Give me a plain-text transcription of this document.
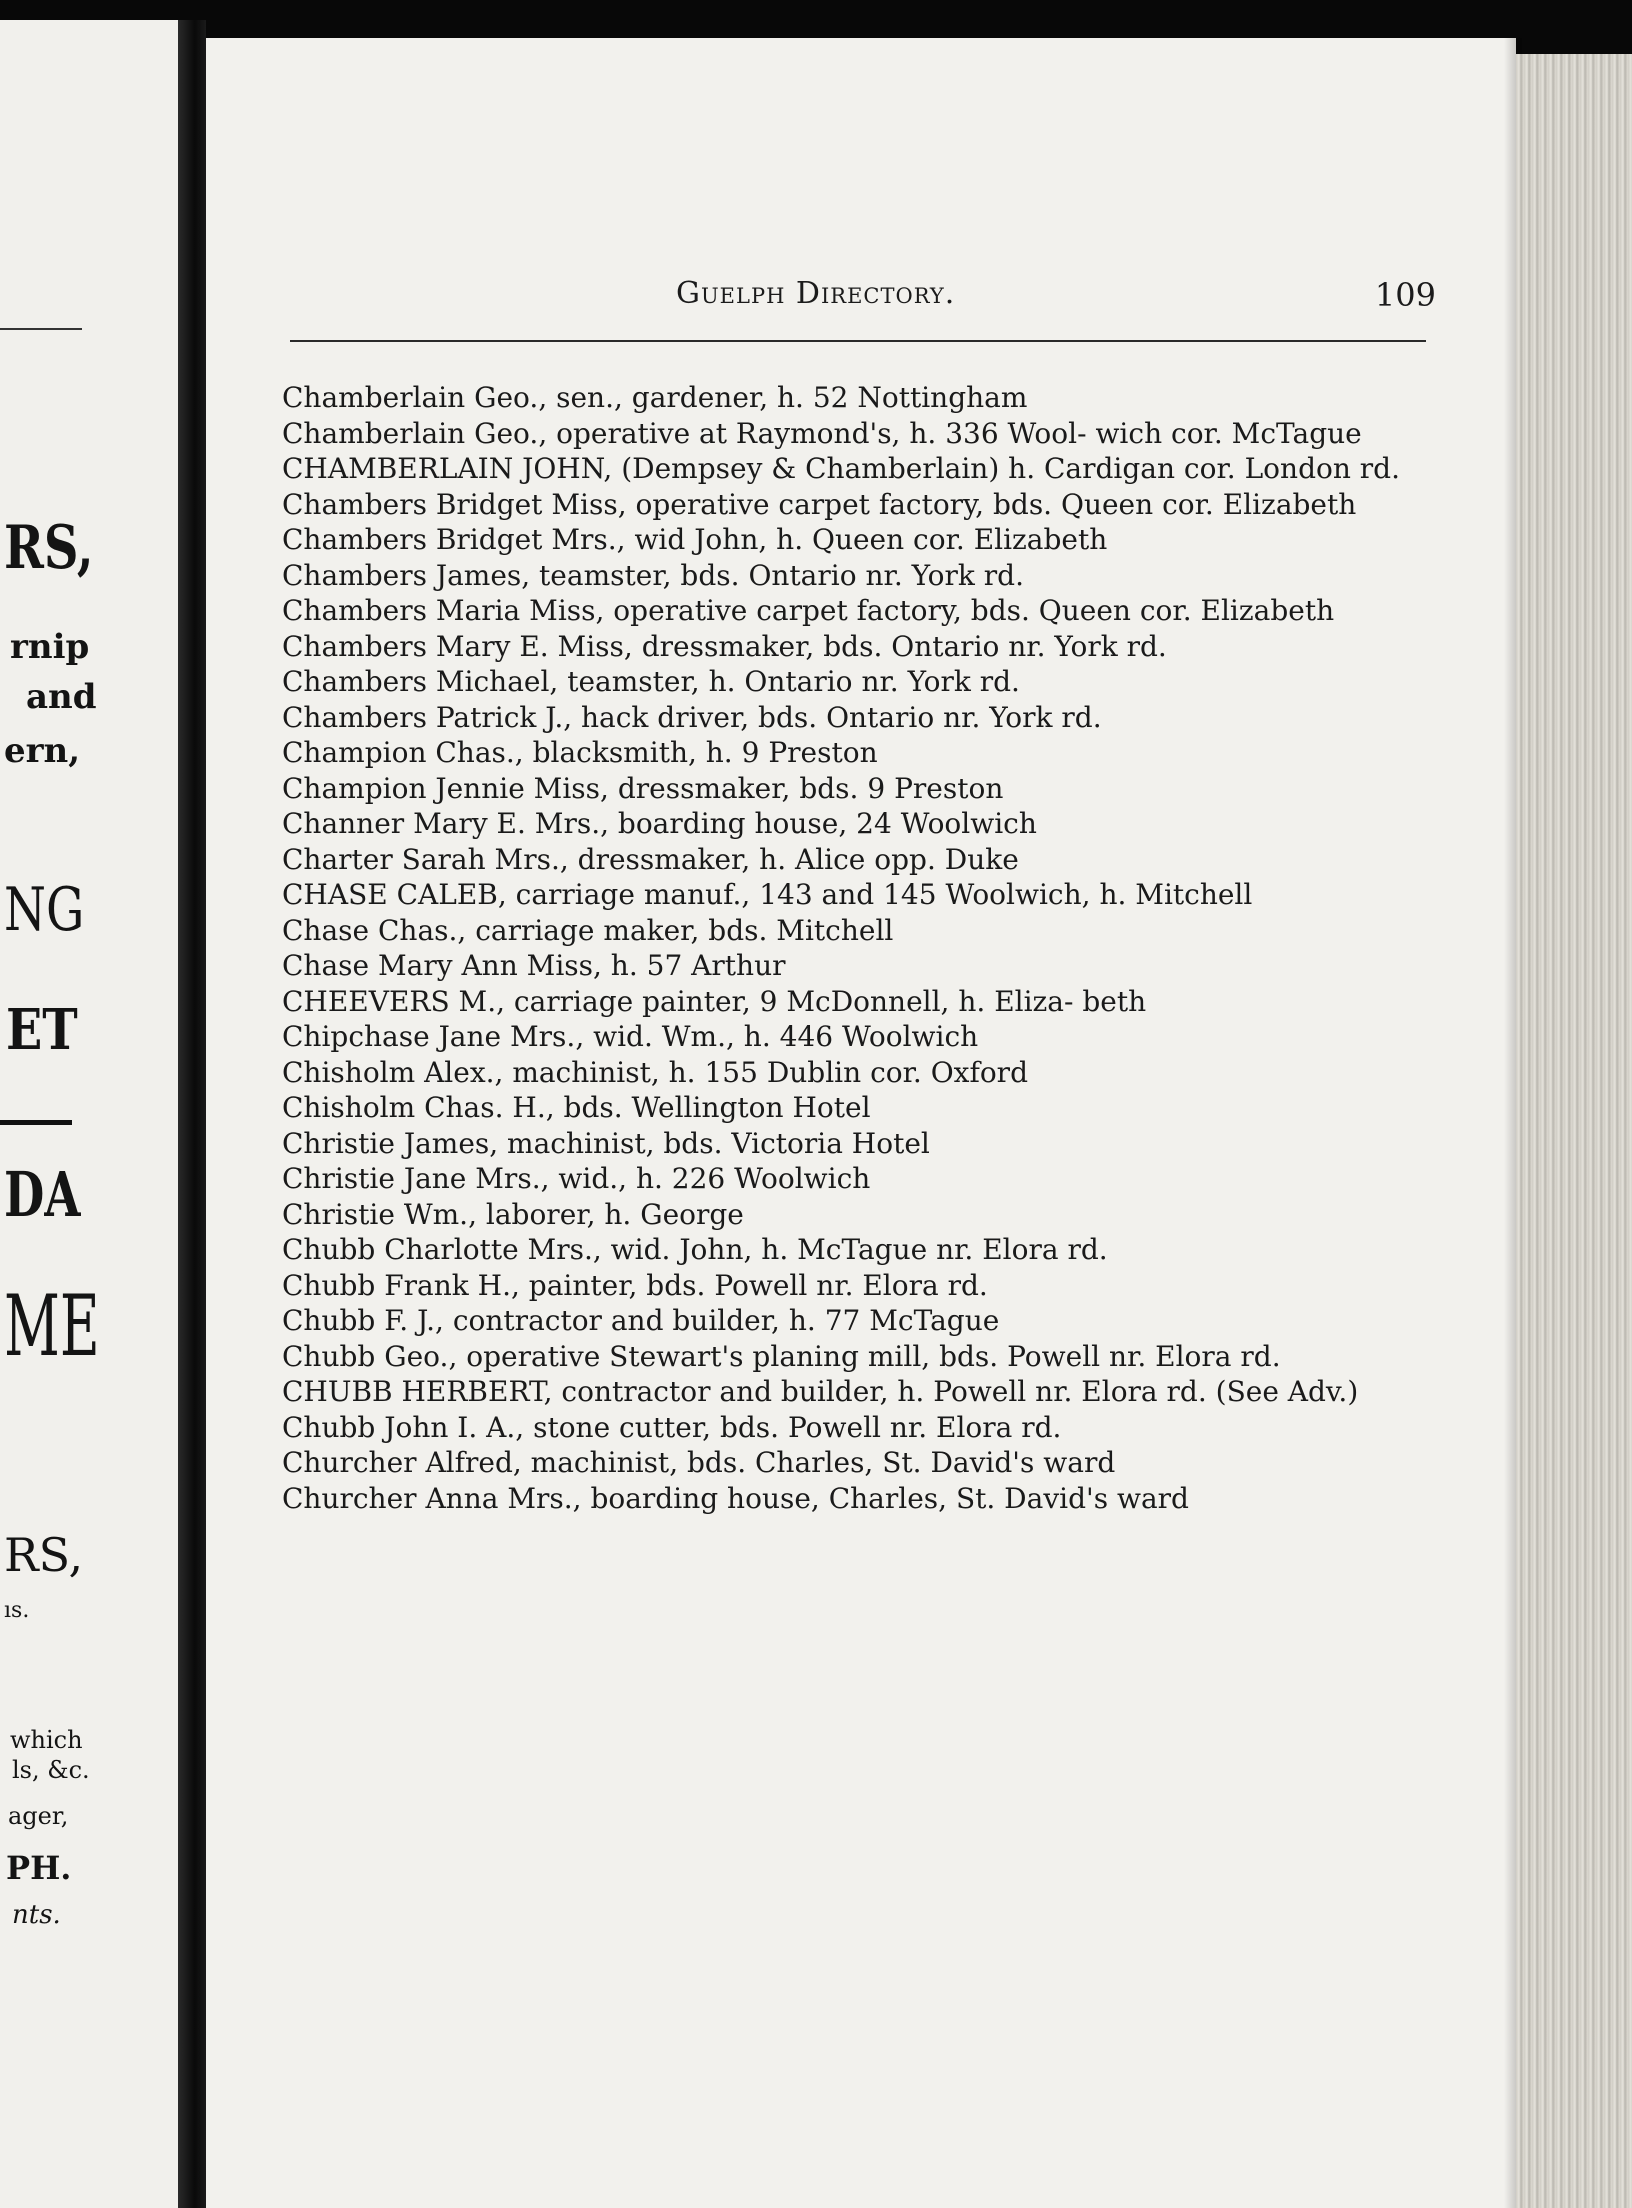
RS,
rnip
and
ern,
NG
ET
DA
ME
RS,
ıs.
which
ls, &c.
ager,
PH.
nts.
Guelph Directory.	109

Chamberlain Geo., sen., gardener, h. 52 Nottingham

Chamberlain Geo., operative at Raymond's, h. 336 Wool- wich cor. McTague

CHAMBERLAIN JOHN, (Dempsey & Chamberlain) h. Cardigan cor. London rd.

Chambers Bridget Miss, operative carpet factory, bds. Queen cor. Elizabeth

Chambers Bridget Mrs., wid John, h. Queen cor. Elizabeth

Chambers James, teamster, bds. Ontario nr. York rd.

Chambers Maria Miss, operative carpet factory, bds. Queen cor. Elizabeth

Chambers Mary E. Miss, dressmaker, bds. Ontario nr. York rd.

Chambers Michael, teamster, h. Ontario nr. York rd.

Chambers Patrick J., hack driver, bds. Ontario nr. York rd.

Champion Chas., blacksmith, h. 9 Preston

Champion Jennie Miss, dressmaker, bds. 9 Preston

Channer Mary E. Mrs., boarding house, 24 Woolwich

Charter Sarah Mrs., dressmaker, h. Alice opp. Duke

CHASE CALEB, carriage manuf., 143 and 145 Woolwich, h. Mitchell

Chase Chas., carriage maker, bds. Mitchell

Chase Mary Ann Miss, h. 57 Arthur

CHEEVERS M., carriage painter, 9 McDonnell, h. Eliza- beth

Chipchase Jane Mrs., wid. Wm., h. 446 Woolwich

Chisholm Alex., machinist, h. 155 Dublin cor. Oxford

Chisholm Chas. H., bds. Wellington Hotel

Christie James, machinist, bds. Victoria Hotel

Christie Jane Mrs., wid., h. 226 Woolwich

Christie Wm., laborer, h. George

Chubb Charlotte Mrs., wid. John, h. McTague nr. Elora rd.

Chubb Frank H., painter, bds. Powell nr. Elora rd.

Chubb F. J., contractor and builder, h. 77 McTague

Chubb Geo., operative Stewart's planing mill, bds. Powell nr. Elora rd.

CHUBB HERBERT, contractor and builder, h. Powell nr. Elora rd. (See Adv.)

Chubb John I. A., stone cutter, bds. Powell nr. Elora rd.

Churcher Alfred, machinist, bds. Charles, St. David's ward

Churcher Anna Mrs., boarding house, Charles, St. David's ward
